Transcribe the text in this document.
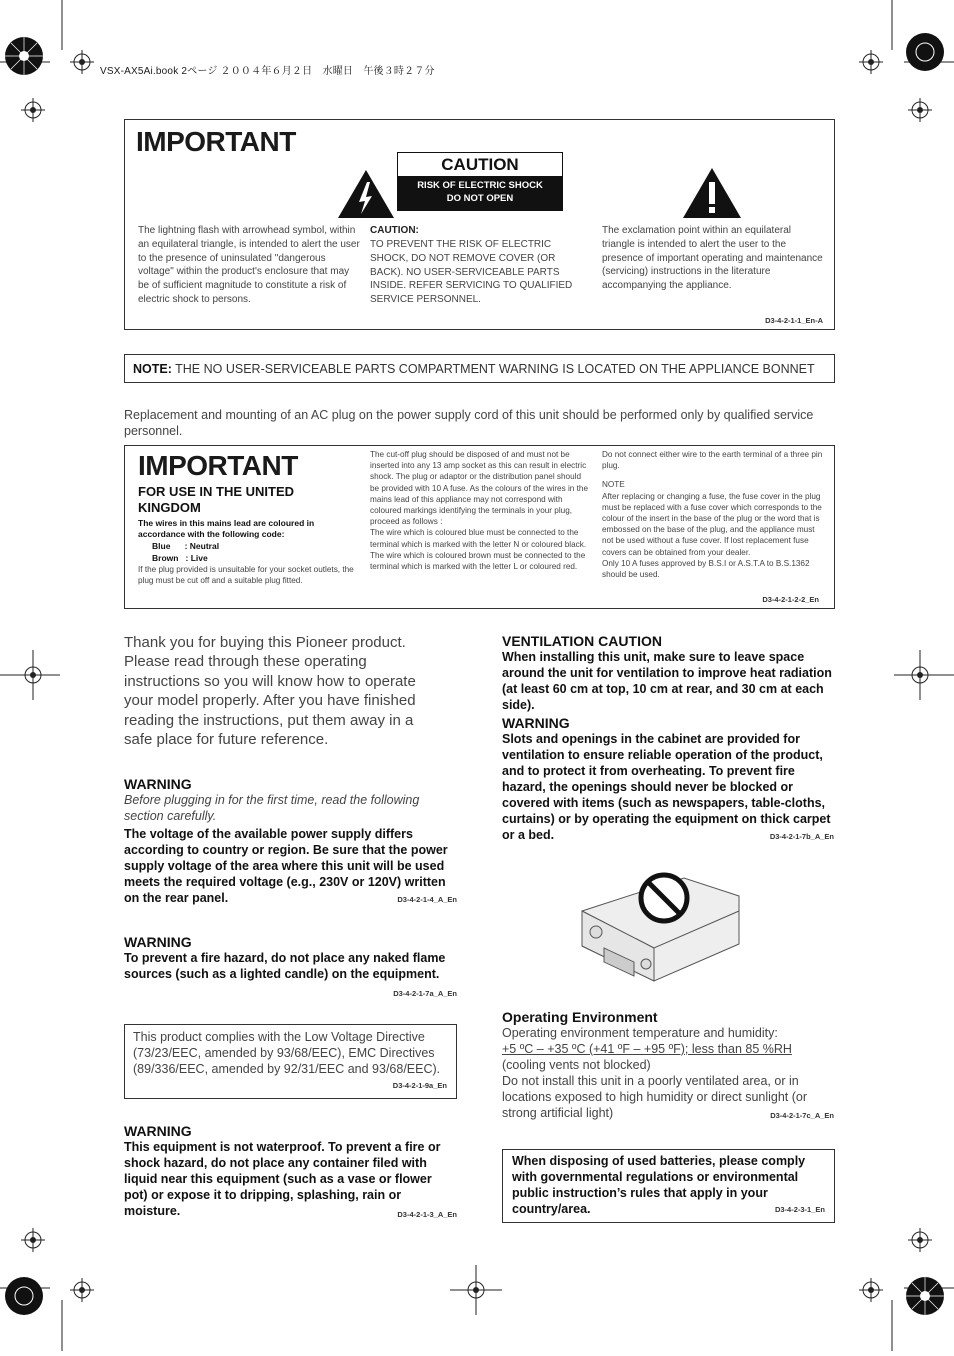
VSX-AX5Ai.book 2ページ ２００４年６月２日　水曜日　午後３時２７分
IMPORTANT
CAUTION
RISK OF ELECTRIC SHOCK
DO NOT OPEN
The lightning flash with arrowhead symbol, within an equilateral triangle, is intended to alert the user to the presence of uninsulated "dangerous voltage" within the product's enclosure that may be of sufficient magnitude to constitute a risk of electric shock to persons.
CAUTION:
TO PREVENT THE RISK OF ELECTRIC SHOCK, DO NOT REMOVE COVER (OR BACK). NO USER-SERVICEABLE PARTS INSIDE. REFER SERVICING TO QUALIFIED SERVICE PERSONNEL.
The exclamation point within an equilateral triangle is intended to alert the user to the presence of important operating and maintenance (servicing) instructions in the literature accompanying the appliance.
D3-4-2-1-1_En-A
NOTE: THE NO USER-SERVICEABLE PARTS COMPARTMENT WARNING IS LOCATED ON THE APPLIANCE BONNET
Replacement and mounting of an AC plug on the power supply cord of this unit should be performed only by qualified service personnel.
IMPORTANT
FOR USE IN THE UNITED KINGDOM
The wires in this mains lead are coloured in accordance with the following code:
Blue      : Neutral
Brown   : Live
If the plug provided is unsuitable for your socket outlets, the plug must be cut off and a suitable plug fitted.
The cut-off plug should be disposed of and must not be inserted into any 13 amp socket as this can result in electric shock. The plug or adaptor or the distribution panel should be provided with 10 A fuse. As the colours of the wires in the mains lead of this appliance may not correspond with coloured markings identifying the terminals in your plug, proceed as follows :
The wire which is coloured blue must be connected to the terminal which is marked with the letter N or coloured black.
The wire which is coloured brown must be connected to the terminal which is marked with the letter L or coloured red.
Do not connect either wire to the earth terminal of a three pin plug.
NOTE
After replacing or changing a fuse, the fuse cover in the plug must be replaced with a fuse cover which corresponds to the colour of the insert in the base of the plug or the word that is embossed on the base of the plug, and the appliance must not be used without a fuse cover. If lost replacement fuse covers can be obtained from your dealer.
Only 10 A fuses approved by B.S.I or A.S.T.A to B.S.1362 should be used.
D3-4-2-1-2-2_En
Thank you for buying this Pioneer product. Please read through these operating instructions so you will know how to operate your model properly. After you have finished reading the instructions, put them away in a safe place for future reference.
WARNING
Before plugging in for the first time, read the following section carefully.
The voltage of the available power supply differs according to country or region. Be sure that the power supply voltage of the area where this unit will be used meets the required voltage (e.g., 230V or 120V) written on the rear panel.	D3-4-2-1-4_A_En
WARNING
To prevent a fire hazard, do not place any naked flame sources (such as a lighted candle) on the equipment.
D3-4-2-1-7a_A_En
This product complies with the Low Voltage Directive (73/23/EEC, amended by 93/68/EEC), EMC Directives (89/336/EEC, amended by 92/31/EEC and 93/68/EEC).
D3-4-2-1-9a_En
WARNING
This equipment is not waterproof. To prevent a fire or shock hazard, do not place any container filed with liquid near this equipment (such as a vase or flower pot) or expose it to dripping, splashing, rain or moisture.	D3-4-2-1-3_A_En
VENTILATION CAUTION
When installing this unit, make sure to leave space around the unit for ventilation to improve heat radiation (at least 60 cm at top, 10 cm at rear, and 30 cm at each side).
WARNING
Slots and openings in the cabinet are provided for ventilation to ensure reliable operation of the product, and to protect it from overheating. To prevent fire hazard, the openings should never be blocked or covered with items (such as newspapers, table-cloths, curtains) or by operating the equipment on thick carpet or a bed.	D3-4-2-1-7b_A_En
Operating Environment
Operating environment temperature and humidity:
+5 ºC – +35 ºC (+41 ºF – +95 ºF); less than 85 %RH
(cooling vents not blocked)
Do not install this unit in a poorly ventilated area, or in locations exposed to high humidity or direct sunlight (or strong artificial light)	D3-4-2-1-7c_A_En
When disposing of used batteries, please comply with governmental regulations or environmental public instruction’s rules that apply in your country/area.	D3-4-2-3-1_En
